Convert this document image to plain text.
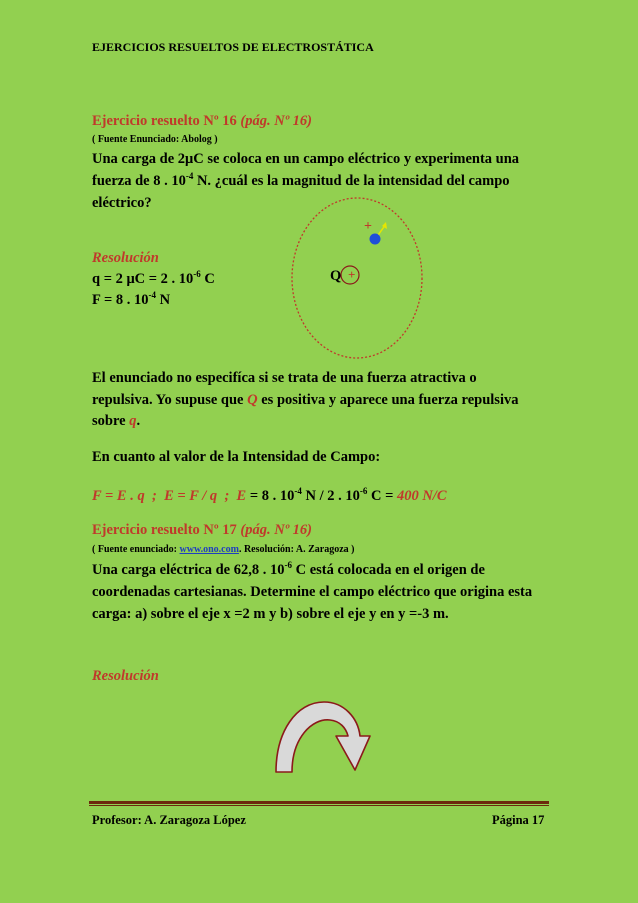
EJERCICIOS RESUELTOS DE ELECTROSTÁTICA
Ejercicio resuelto Nº 16 (pág. Nº 16)
( Fuente Enunciado: Abolog )
Una carga de 2μC se coloca en un campo eléctrico y experimenta una
fuerza de 8 . $10^{-4}$ N. ¿cuál es la magnitud de la intensidad del campo
eléctrico?
Resolución
q = 2 μC = 2 . $10^{-6}$ C
F = 8 . $10^{-4}$ N
+
Q +
El enunciado no especifíca si se trata de una fuerza atractiva o
repulsiva. Yo supuse que Q es positiva y aparece una fuerza repulsiva
sobre q.
En cuanto al valor de la Intensidad de Campo:
F = E . q ; E = F / q ; E = 8 . $10^{-4}$ N / 2 . $10^{-6}$ C = 400 N/C
Ejercicio resuelto Nº 17 (pág. Nº 16)
( Fuente enunciado: www.ono.com. Resolución: A. Zaragoza )
Una carga eléctrica de 62,8 . $10^{-6}$ C está colocada en el origen de
coordenadas cartesianas. Determine el campo eléctrico que origina esta
carga: a) sobre el eje x =2 m y b) sobre el eje y en y =-3 m.
Resolución
Profesor: A. Zaragoza López	Página 17
